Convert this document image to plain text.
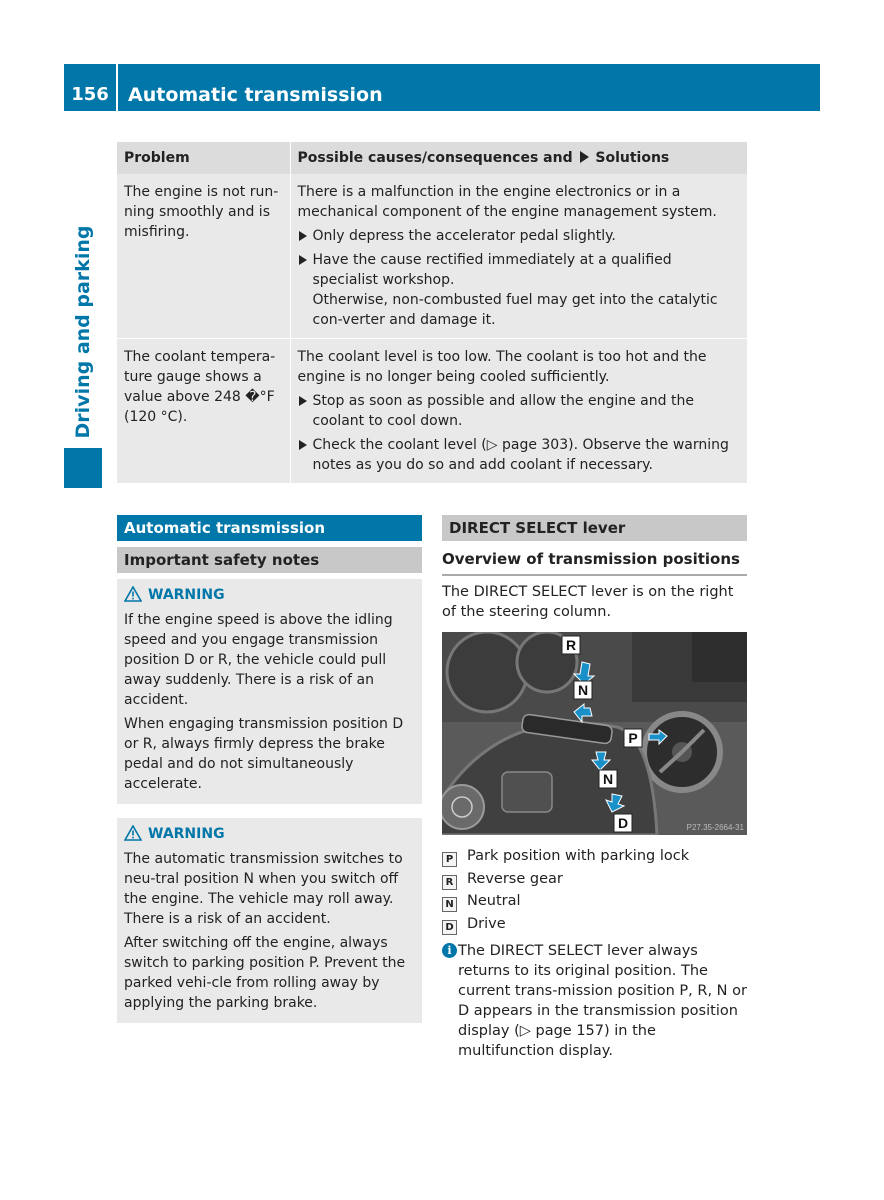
156	Automatic transmission
Driving and parking
Problem	Possible causes/consequences and Solutions
The engine is not run-ning smoothly and is misfiring.	There is a malfunction in the engine electronics or in a mechanical component of the engine management system.
Only depress the accelerator pedal slightly.
Have the cause rectified immediately at a qualified specialist workshop.
Otherwise, non-combusted fuel may get into the catalytic con-verter and damage it.

The coolant tempera-ture gauge shows a value above 248 �°F (120 °C).	The coolant level is too low. The coolant is too hot and the engine is no longer being cooled sufficiently.
Stop as soon as possible and allow the engine and the coolant to cool down.
Check the coolant level (▷ page 303). Observe the warning notes as you do so and add coolant if necessary.
Automatic transmission
Important safety notes
WARNING

If the engine speed is above the idling speed and you engage transmission position D or R, the vehicle could pull away suddenly. There is a risk of an accident.

When engaging transmission position D or R, always firmly depress the brake pedal and do not simultaneously accelerate.

WARNING

The automatic transmission switches to neu-tral position N when you switch off the engine. The vehicle may roll away. There is a risk of an accident.

After switching off the engine, always switch to parking position P. Prevent the parked vehi-cle from rolling away by applying the parking brake.

DIRECT SELECT lever
Overview of transmission positions
The DIRECT SELECT lever is on the right of the steering column.
R
N
P
N
D	P27.35-2664-31
P Park position with parking lock
R Reverse gear
N Neutral
D Drive
i The DIRECT SELECT lever always returns to its original position. The current trans-mission position P, R, N or D appears in the transmission position display (▷ page 157) in the multifunction display.
